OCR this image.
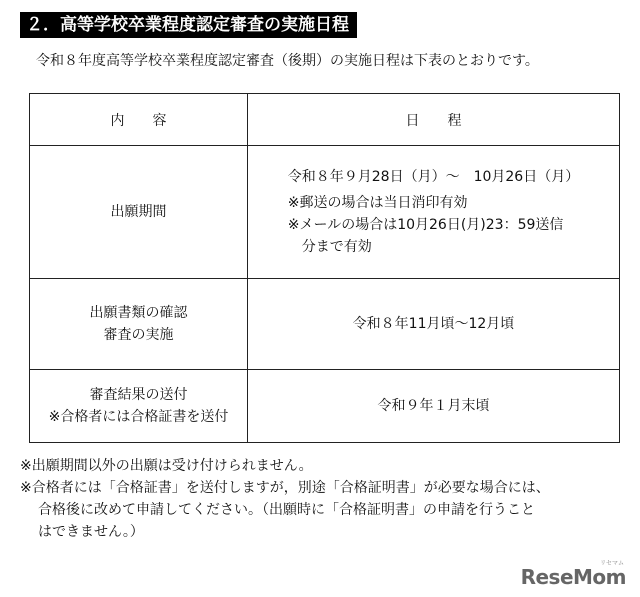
２．高等学校卒業程度認定審査の実施日程
令和８年度高等学校卒業程度認定審査（後期）の実施日程は下表のとおりです。
内　　容	日　　程

出願期間	令和８年９月28日（月）～　10月26日（月）
※郵送の場合は当日消印有効
※メールの場合は10月26日(月)23：59送信
分まで有効

出願書類の確認
審査の実施	令和８年11月頃～12月頃

審査結果の送付
※合格者には合格証書を送付	令和９年１月末頃
※出願期間以外の出願は受け付けられません。
※合格者には「合格証書」を送付しますが，別途「合格証明書」が必要な場合には、
合格後に改めて申請してください。（出願時に「合格証明書」の申請を行うこと
はできません。）
リセマム
ReseMom
